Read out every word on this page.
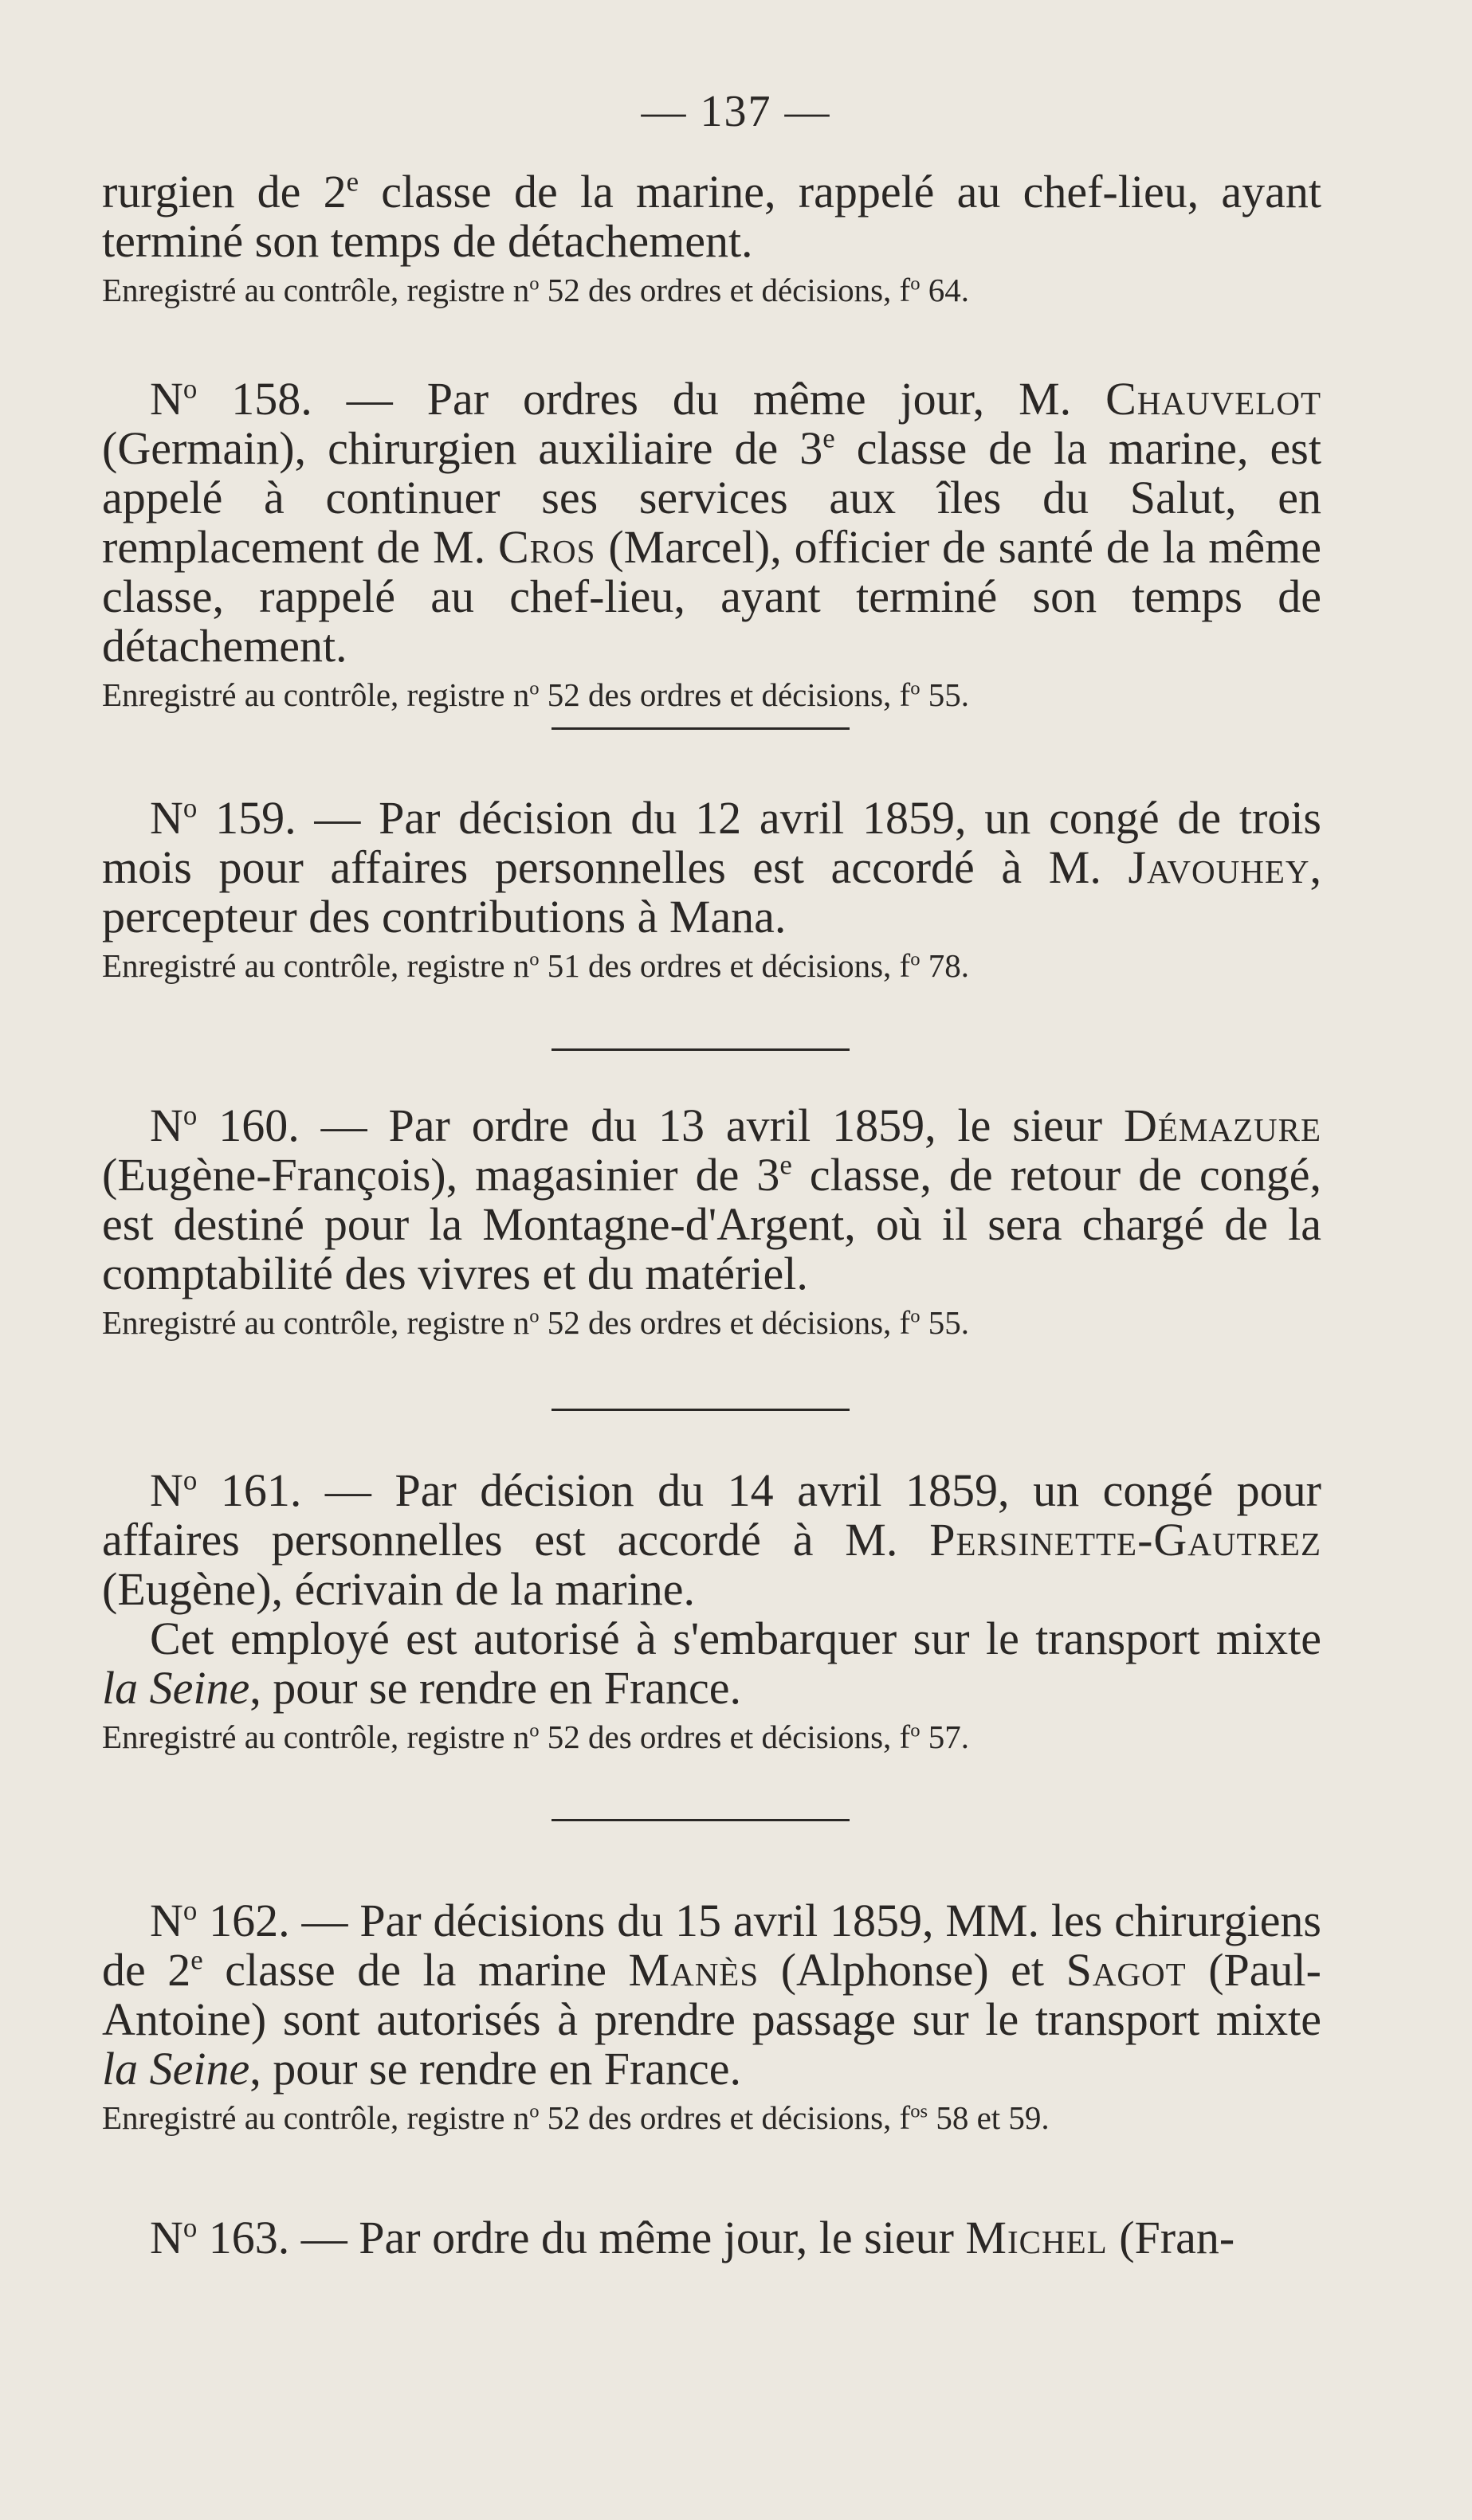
— 137 —

rurgien de 2e classe de la marine, rappelé au chef-lieu, ayant terminé son temps de détachement.

Enregistré au contrôle, registre $n^o$ 52 des ordres et décisions, $f^o$ 64.

$N^o$ 158. — Par ordres du même jour, M. Chauvelot (Germain), chirurgien auxiliaire de 3e classe de la marine, est appelé à continuer ses services aux îles du Salut, en remplacement de M. Cros (Marcel), officier de santé de la même classe, rappelé au chef-lieu, ayant terminé son temps de détachement.

Enregistré au contrôle, registre $n^o$ 52 des ordres et décisions, $f^o$ 55.

$N^o$ 159. — Par décision du 12 avril 1859, un congé de trois mois pour affaires personnelles est accordé à M. Javouhey, percepteur des contributions à Mana.

Enregistré au contrôle, registre $n^o$ 51 des ordres et décisions, $f^o$ 78.

$N^o$ 160. — Par ordre du 13 avril 1859, le sieur Démazure (Eugène-François), magasinier de 3e classe, de retour de congé, est destiné pour la Montagne-d'Argent, où il sera chargé de la comptabilité des vivres et du matériel.

Enregistré au contrôle, registre $n^o$ 52 des ordres et décisions, $f^o$ 55.

$N^o$ 161. — Par décision du 14 avril 1859, un congé pour affaires personnelles est accordé à M. Persinette-Gautrez (Eugène), écrivain de la marine.

Cet employé est autorisé à s'embarquer sur le transport mixte la Seine, pour se rendre en France.

Enregistré au contrôle, registre $n^o$ 52 des ordres et décisions, $f^o$ 57.

$N^o$ 162. — Par décisions du 15 avril 1859, MM. les chirurgiens de 2e classe de la marine Manès (Alphonse) et Sagot (Paul-Antoine) sont autorisés à prendre passage sur le transport mixte la Seine, pour se rendre en France.

Enregistré au contrôle, registre $n^o$ 52 des ordres et décisions, $f^{os}$ 58 et 59.

$N^o$ 163. — Par ordre du même jour, le sieur Michel (Fran-
